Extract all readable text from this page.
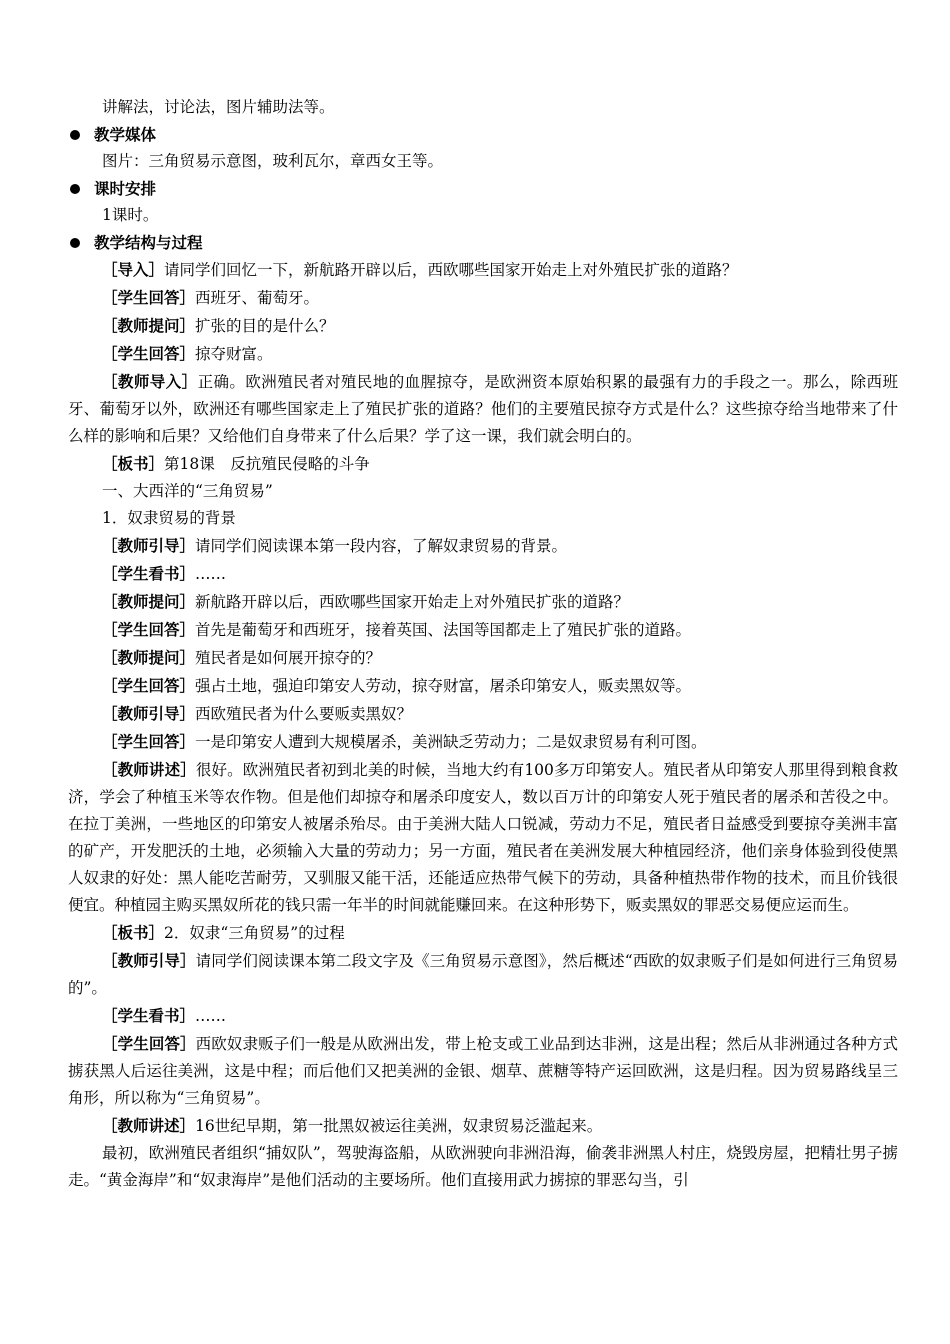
讲解法，讨论法，图片辅助法等。
教学媒体
图片：三角贸易示意图，玻利瓦尔，章西女王等。
课时安排
1课时。
教学结构与过程

［导入］请同学们回忆一下，新航路开辟以后，西欧哪些国家开始走上对外殖民扩张的道路？

［学生回答］西班牙、葡萄牙。

［教师提问］扩张的目的是什么？

［学生回答］掠夺财富。

［教师导入］正确。欧洲殖民者对殖民地的血腥掠夺，是欧洲资本原始积累的最强有力的手段之一。那么，除西班牙、葡萄牙以外，欧洲还有哪些国家走上了殖民扩张的道路？他们的主要殖民掠夺方式是什么？这些掠夺给当地带来了什么样的影响和后果？又给他们自身带来了什么后果？学了这一课，我们就会明白的。

［板书］第18课　反抗殖民侵略的斗争

一、大西洋的“三角贸易”

1．奴隶贸易的背景

［教师引导］请同学们阅读课本第一段内容，了解奴隶贸易的背景。

［学生看书］……

［教师提问］新航路开辟以后，西欧哪些国家开始走上对外殖民扩张的道路？

［学生回答］首先是葡萄牙和西班牙，接着英国、法国等国都走上了殖民扩张的道路。

［教师提问］殖民者是如何展开掠夺的？

［学生回答］强占土地，强迫印第安人劳动，掠夺财富，屠杀印第安人，贩卖黑奴等。

［教师引导］西欧殖民者为什么要贩卖黑奴？

［学生回答］一是印第安人遭到大规模屠杀，美洲缺乏劳动力；二是奴隶贸易有利可图。

［教师讲述］很好。欧洲殖民者初到北美的时候，当地大约有100多万印第安人。殖民者从印第安人那里得到粮食救济，学会了种植玉米等农作物。但是他们却掠夺和屠杀印度安人，数以百万计的印第安人死于殖民者的屠杀和苦役之中。在拉丁美洲，一些地区的印第安人被屠杀殆尽。由于美洲大陆人口锐减，劳动力不足，殖民者日益感受到要掠夺美洲丰富的矿产，开发肥沃的土地，必须输入大量的劳动力；另一方面，殖民者在美洲发展大种植园经济，他们亲身体验到役使黑人奴隶的好处：黑人能吃苦耐劳，又驯服又能干活，还能适应热带气候下的劳动，具备种植热带作物的技术，而且价钱很便宜。种植园主购买黑奴所花的钱只需一年半的时间就能赚回来。在这种形势下，贩卖黑奴的罪恶交易便应运而生。

［板书］2．奴隶“三角贸易”的过程

［教师引导］请同学们阅读课本第二段文字及《三角贸易示意图》，然后概述“西欧的奴隶贩子们是如何进行三角贸易的”。

［学生看书］……

［学生回答］西欧奴隶贩子们一般是从欧洲出发，带上枪支或工业品到达非洲，这是出程；然后从非洲通过各种方式掳获黑人后运往美洲，这是中程；而后他们又把美洲的金银、烟草、蔗糖等特产运回欧洲，这是归程。因为贸易路线呈三角形，所以称为“三角贸易”。

［教师讲述］16世纪早期，第一批黑奴被运往美洲，奴隶贸易泛滥起来。

最初，欧洲殖民者组织“捕奴队”，驾驶海盗船，从欧洲驶向非洲沿海，偷袭非洲黑人村庄，烧毁房屋，把精壮男子掳走。“黄金海岸”和“奴隶海岸”是他们活动的主要场所。他们直接用武力掳掠的罪恶勾当，引
